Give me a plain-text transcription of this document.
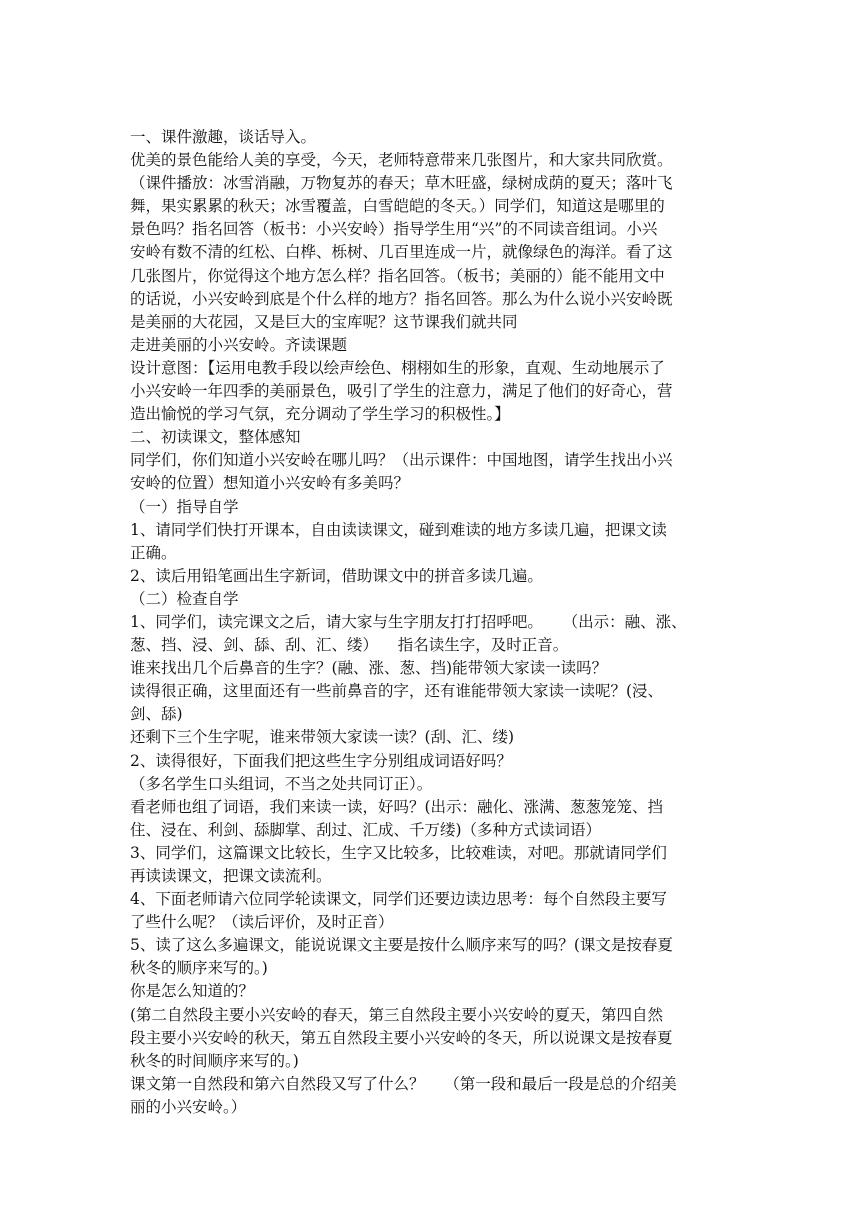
一、课件激趣，谈话导入。
优美的景色能给人美的享受，今天，老师特意带来几张图片，和大家共同欣赏。
（课件播放：冰雪消融，万物复苏的春天；草木旺盛，绿树成荫的夏天；落叶飞
舞，果实累累的秋天；冰雪覆盖，白雪皑皑的冬天。）同学们，知道这是哪里的
景色吗？指名回答（板书：小兴安岭）指导学生用“兴”的不同读音组词。小兴
安岭有数不清的红松、白桦、栎树、几百里连成一片，就像绿色的海洋。看了这
几张图片，你觉得这个地方怎么样？指名回答。（板书；美丽的）能不能用文中
的话说，小兴安岭到底是个什么样的地方？指名回答。那么为什么说小兴安岭既
是美丽的大花园，又是巨大的宝库呢？这节课我们就共同
走进美丽的小兴安岭。齐读课题
设计意图：【运用电教手段以绘声绘色、栩栩如生的形象，直观、生动地展示了
小兴安岭一年四季的美丽景色，吸引了学生的注意力，满足了他们的好奇心，营
造出愉悦的学习气氛，充分调动了学生学习的积极性。】
二、初读课文，整体感知
同学们，你们知道小兴安岭在哪儿吗？（出示课件：中国地图，请学生找出小兴
安岭的位置）想知道小兴安岭有多美吗？
（一）指导自学
1、请同学们快打开课本，自由读读课文，碰到难读的地方多读几遍，把课文读
正确。
2、读后用铅笔画出生字新词，借助课文中的拼音多读几遍。
（二）检查自学
1、同学们，读完课文之后，请大家与生字朋友打打招呼吧。    （出示：融、涨、
葱、挡、浸、剑、舔、刮、汇、缕）    指名读生字，及时正音。
谁来找出几个后鼻音的生字？(融、涨、葱、挡)能带领大家读一读吗？
读得很正确，这里面还有一些前鼻音的字，还有谁能带领大家读一读呢？(浸、
剑、舔)
还剩下三个生字呢，谁来带领大家读一读？(刮、汇、缕)
2、读得很好，下面我们把这些生字分别组成词语好吗？
（多名学生口头组词，不当之处共同订正）。
看老师也组了词语，我们来读一读，好吗？(出示：融化、涨满、葱葱笼笼、挡
住、浸在、利剑、舔脚掌、刮过、汇成、千万缕)（多种方式读词语）
3、同学们，这篇课文比较长，生字又比较多，比较难读，对吧。那就请同学们
再读读课文，把课文读流利。
4、下面老师请六位同学轮读课文，同学们还要边读边思考：每个自然段主要写
了些什么呢？（读后评价，及时正音）
5、读了这么多遍课文，能说说课文主要是按什么顺序来写的吗？(课文是按春夏
秋冬的顺序来写的。)
你是怎么知道的？
(第二自然段主要小兴安岭的春天，第三自然段主要小兴安岭的夏天，第四自然
段主要小兴安岭的秋天，第五自然段主要小兴安岭的冬天，所以说课文是按春夏
秋冬的时间顺序来写的。)
课文第一自然段和第六自然段又写了什么？    （第一段和最后一段是总的介绍美
丽的小兴安岭。）
